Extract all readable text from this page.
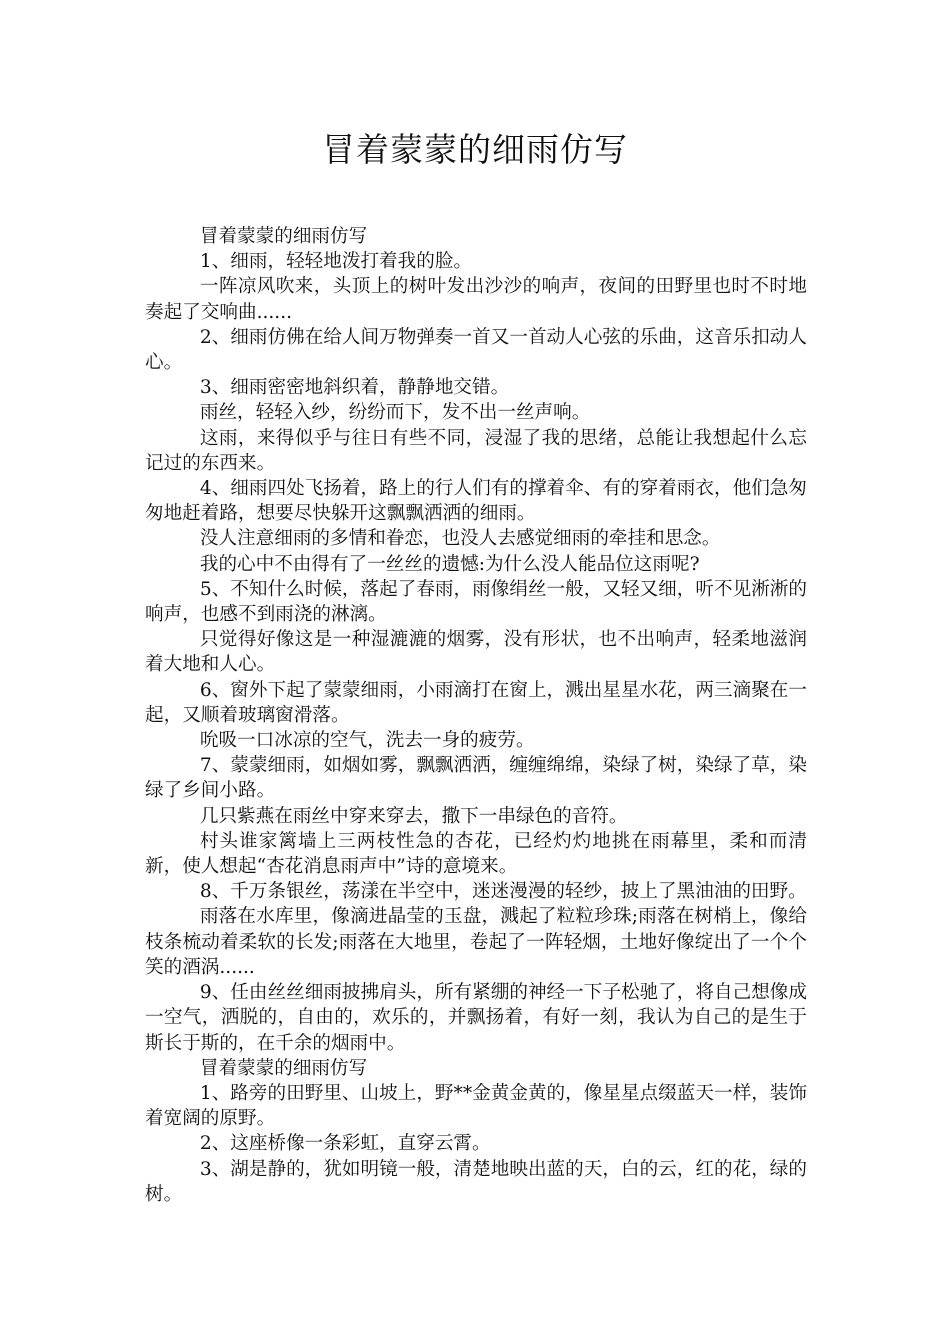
冒着蒙蒙的细雨仿写

冒着蒙蒙的细雨仿写

1、细雨，轻轻地泼打着我的脸。

一阵凉风吹来，头顶上的树叶发出沙沙的响声，夜间的田野里也时不时地奏起了交响曲......

2、细雨仿佛在给人间万物弹奏一首又一首动人心弦的乐曲，这音乐扣动人心。

3、细雨密密地斜织着，静静地交错。

雨丝，轻轻入纱，纷纷而下，发不出一丝声响。

这雨，来得似乎与往日有些不同，浸湿了我的思绪，总能让我想起什么忘记过的东西来。

4、细雨四处飞扬着，路上的行人们有的撑着伞、有的穿着雨衣，他们急匆匆地赶着路，想要尽快躲开这飘飘洒洒的细雨。

没人注意细雨的多情和眷恋，也没人去感觉细雨的牵挂和思念。

我的心中不由得有了一丝丝的遗憾:为什么没人能品位这雨呢?

5、不知什么时候，落起了春雨，雨像绢丝一般，又轻又细，听不见淅淅的响声，也感不到雨浇的淋漓。

只觉得好像这是一种湿漉漉的烟雾，没有形状，也不出响声，轻柔地滋润着大地和人心。

6、窗外下起了蒙蒙细雨，小雨滴打在窗上，溅出星星水花，两三滴聚在一起，又顺着玻璃窗滑落。

吮吸一口冰凉的空气，洗去一身的疲劳。

7、蒙蒙细雨，如烟如雾，飘飘洒洒，缠缠绵绵，染绿了树，染绿了草，染绿了乡间小路。

几只紫燕在雨丝中穿来穿去，撒下一串绿色的音符。

村头谁家篱墙上三两枝性急的杏花，已经灼灼地挑在雨幕里，柔和而清新，使人想起“杏花消息雨声中”诗的意境来。

8、千万条银丝，荡漾在半空中，迷迷漫漫的轻纱，披上了黑油油的田野。

雨落在水库里，像滴进晶莹的玉盘，溅起了粒粒珍珠;雨落在树梢上，像给枝条梳动着柔软的长发;雨落在大地里，卷起了一阵轻烟，土地好像绽出了一个个笑的酒涡......

9、任由丝丝细雨披拂肩头，所有紧绷的神经一下子松驰了，将自己想像成一空气，洒脱的，自由的，欢乐的，并飘扬着，有好一刻，我认为自己的是生于斯长于斯的，在千余的烟雨中。

冒着蒙蒙的细雨仿写

1、路旁的田野里、山坡上，野**金黄金黄的，像星星点缀蓝天一样，装饰着宽阔的原野。

2、这座桥像一条彩虹，直穿云霄。

3、湖是静的，犹如明镜一般，清楚地映出蓝的天，白的云，红的花，绿的树。
